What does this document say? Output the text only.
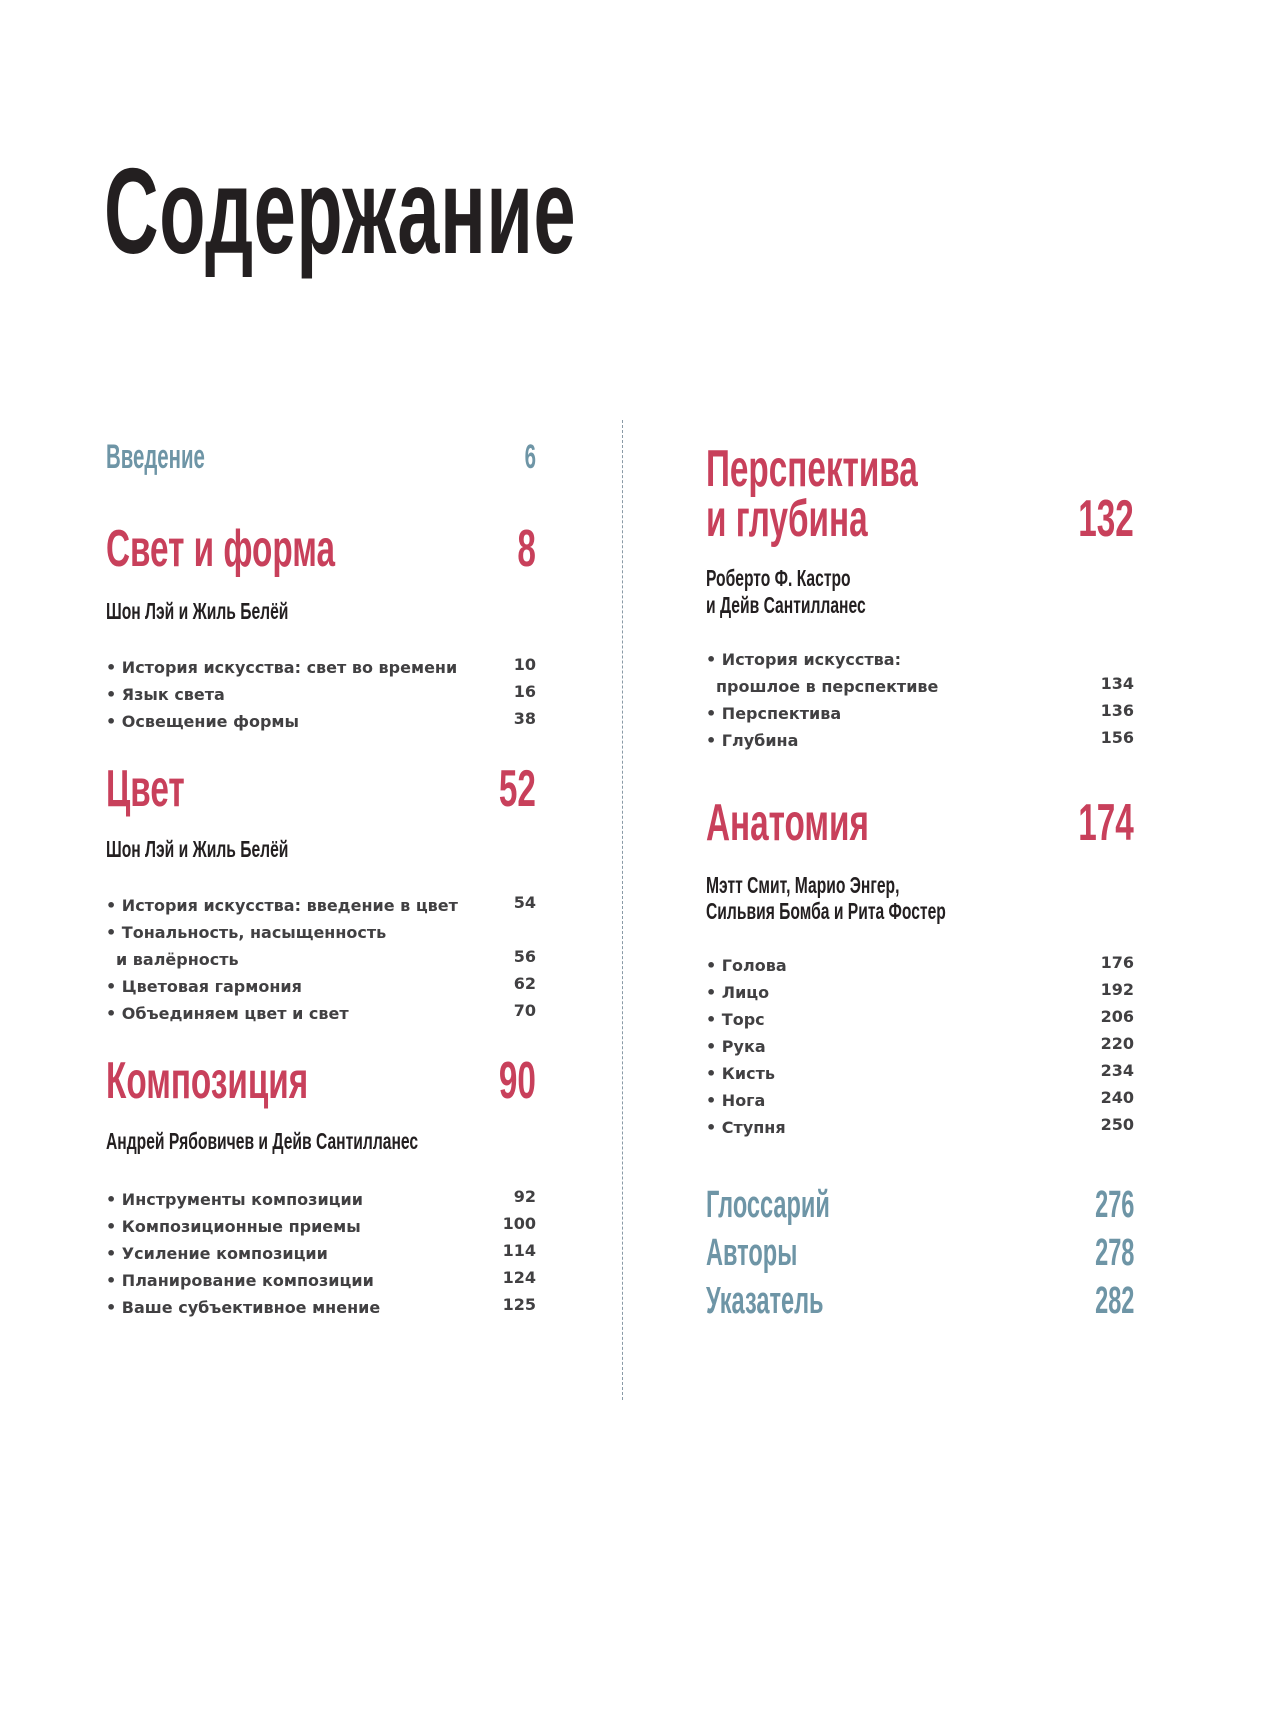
Содержание
Введение	6
Свет и форма	8
Шон Лэй и Жиль Белёй
• История искусства: свет во времени	10
• Язык света	16
• Освещение формы	38
Цвет	52
Шон Лэй и Жиль Белёй
• История искусства: введение в цвет	54
• Тональность, насыщенность
и валёрность	56
• Цветовая гармония	62
• Объединяем цвет и свет	70
Композиция	90
Андрей Рябовичев и Дейв Сантилланес
• Инструменты композиции	92
• Композиционные приемы	100
• Усиление композиции	114
• Планирование композиции	124
• Ваше субъективное мнение	125
Перспектива
и глубина	132
Роберто Ф. Кастро
и Дейв Сантилланес
• История искусства:
прошлое в перспективе	134
• Перспектива	136
• Глубина	156
Анатомия	174
Мэтт Смит, Марио Энгер,
Сильвия Бомба и Рита Фостер
• Голова	176
• Лицо	192
• Торс	206
• Рука	220
• Кисть	234
• Нога	240
• Ступня	250
Глоссарий	276
Авторы	278
Указатель	282
